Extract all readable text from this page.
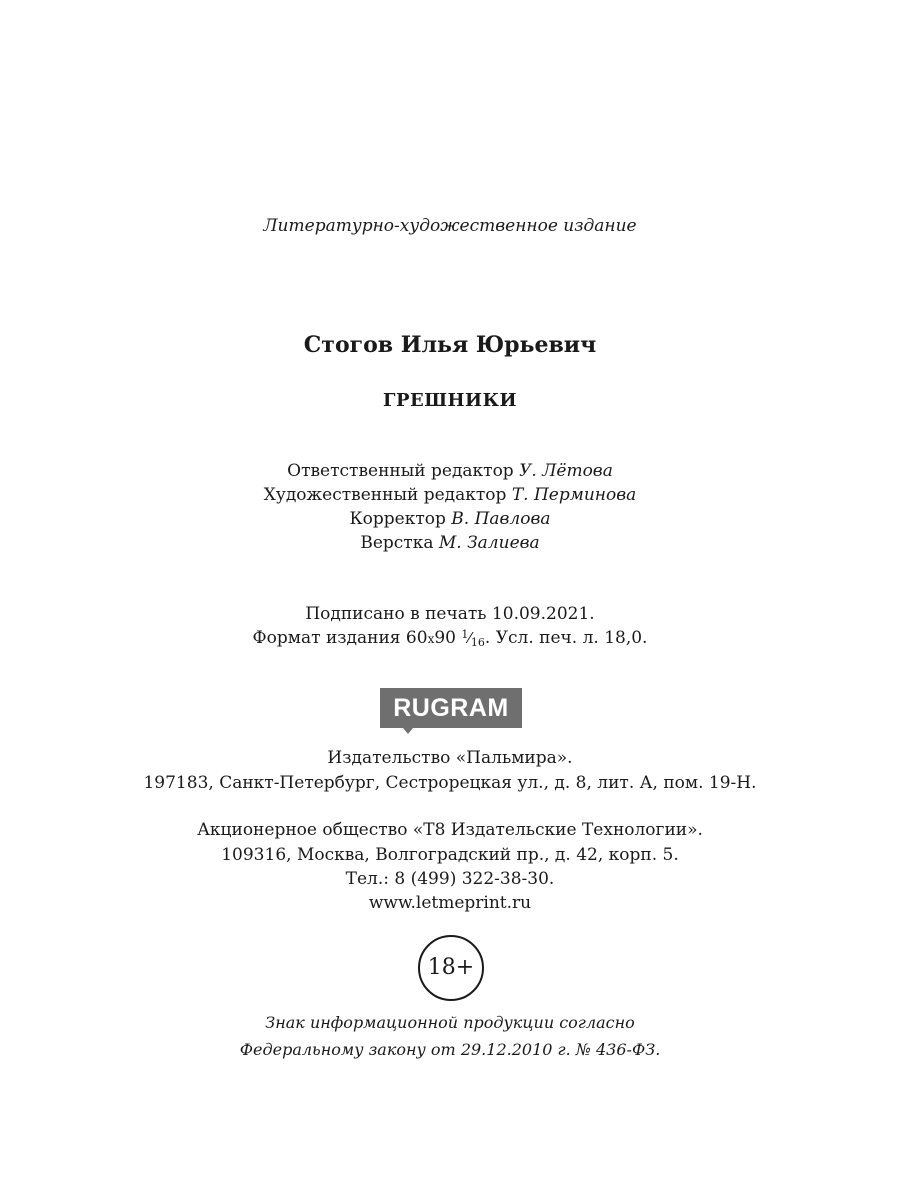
Литературно-художественное издание
Стогов Илья Юрьевич
ГРЕШНИКИ
Ответственный редактор У. Лётова
Художественный редактор Т. Перминова
Корректор В. Павлова
Верстка М. Залиева
Подписано в печать 10.09.2021.
Формат издания 60x90 $^1⁄_{16}$. Усл. печ. л. 18,0.
RUGRAM
Издательство «Пальмира».
197183, Санкт-Петербург, Сестрорецкая ул., д. 8, лит. А, пом. 19-Н.
Акционерное общество «Т8 Издательские Технологии».
109316, Москва, Волгоградский пр., д. 42, корп. 5.
Тел.: 8 (499) 322-38-30.
www.letmeprint.ru
18+
Знак информационной продукции согласно
Федеральному закону от 29.12.2010 г. № 436-ФЗ.
